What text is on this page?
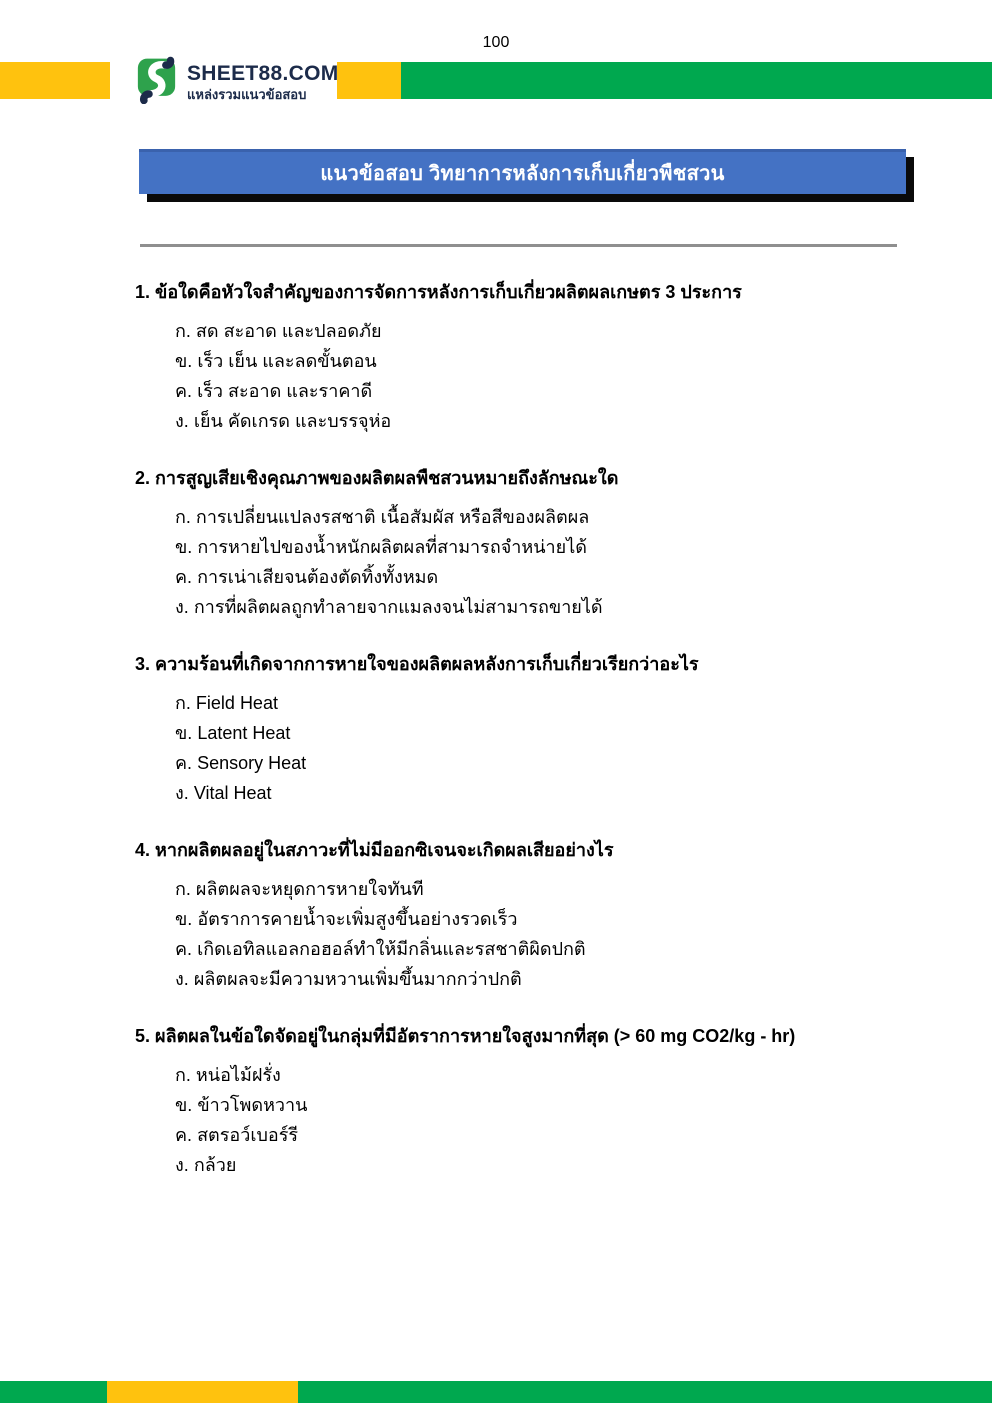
100
SHEET88.COM
แหล่งรวมแนวข้อสอบ
แนวข้อสอบ วิทยาการหลังการเก็บเกี่ยวพืชสวน
1. ข้อใดคือหัวใจสำคัญของการจัดการหลังการเก็บเกี่ยวผลิตผลเกษตร 3 ประการ
ก. สด สะอาด และปลอดภัย
ข. เร็ว เย็น และลดขั้นตอน
ค. เร็ว สะอาด และราคาดี
ง. เย็น คัดเกรด และบรรจุห่อ
2. การสูญเสียเชิงคุณภาพของผลิตผลพืชสวนหมายถึงลักษณะใด
ก. การเปลี่ยนแปลงรสชาติ เนื้อสัมผัส หรือสีของผลิตผล
ข. การหายไปของน้ำหนักผลิตผลที่สามารถจำหน่ายได้
ค. การเน่าเสียจนต้องตัดทิ้งทั้งหมด
ง. การที่ผลิตผลถูกทำลายจากแมลงจนไม่สามารถขายได้
3. ความร้อนที่เกิดจากการหายใจของผลิตผลหลังการเก็บเกี่ยวเรียกว่าอะไร
ก. Field Heat
ข. Latent Heat
ค. Sensory Heat
ง. Vital Heat
4. หากผลิตผลอยู่ในสภาวะที่ไม่มีออกซิเจนจะเกิดผลเสียอย่างไร
ก. ผลิตผลจะหยุดการหายใจทันที
ข. อัตราการคายน้ำจะเพิ่มสูงขึ้นอย่างรวดเร็ว
ค. เกิดเอทิลแอลกอฮอล์ทำให้มีกลิ่นและรสชาติผิดปกติ
ง. ผลิตผลจะมีความหวานเพิ่มขึ้นมากกว่าปกติ
5. ผลิตผลในข้อใดจัดอยู่ในกลุ่มที่มีอัตราการหายใจสูงมากที่สุด (> 60 mg CO2/kg - hr)
ก. หน่อไม้ฝรั่ง
ข. ข้าวโพดหวาน
ค. สตรอว์เบอร์รี
ง. กล้วย
